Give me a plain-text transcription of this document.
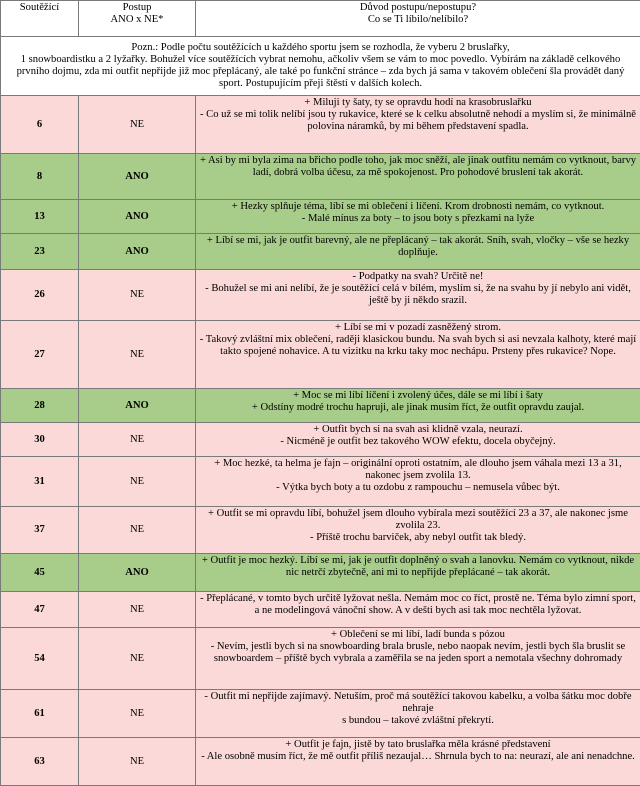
Soutěžící	Postup
ANO x NE*	Důvod postupu/nepostupu?
Co se Ti líbilo/nelíbilo?

Pozn.: Podle počtu soutěžících u každého sportu jsem se rozhodla, že vyberu 2 bruslařky,
1 snowboardistku a 2 lyžařky. Bohužel více soutěžících vybrat nemohu, ačkoliv všem se vám to moc povedlo. Vybírám na základě celkového prvního dojmu, zda mi outfit nepřijde již moc přeplácaný, ale také po funkční stránce – zda bych já sama v takovém oblečení šla provádět daný sport. Postupujícím přeji štěstí v dalších kolech.		

6	NE	+ Miluji ty šaty, ty se opravdu hodí na krasobruslařku
- Co už se mi tolik nelíbí jsou ty rukavice, které se k celku absolutně nehodí a myslím si, že minimálně polovina náramků, by mi během představení spadla.

8	ANO	+ Asi by mi byla zima na břicho podle toho, jak moc sněží, ale jinak outfitu nemám co vytknout, barvy ladí, dobrá volba účesu, za mě spokojenost. Pro pohodové bruslení tak akorát.

13	ANO	+ Hezky splňuje téma, líbí se mi oblečení i líčení. Krom drobnosti nemám, co vytknout.
- Malé mínus za boty – to jsou boty s přezkami na lyže

23	ANO	+ Líbí se mi, jak je outfit barevný, ale ne přeplácaný – tak akorát. Sníh, svah, vločky – vše se hezky doplňuje.

26	NE	- Podpatky na svah? Určitě ne!
- Bohužel se mi ani nelíbí, že je soutěžící celá v bílém, myslím si, že na svahu by jí nebylo ani vidět, ještě by ji někdo srazil.

27	NE	+ Líbí se mi v pozadí zasněžený strom.
- Takový zvláštní mix oblečení, raději klasickou bundu. Na svah bych si asi nevzala kalhoty, které mají takto spojené nohavice. A tu vizitku na krku taky moc nechápu. Prsteny přes rukavice? Nope.

28	ANO	+ Moc se mi líbí líčení i zvolený účes, dále se mi líbí i šaty
+ Odstíny modré trochu hapruji, ale jinak musím říct, že outfit opravdu zaujal.

30	NE	+ Outfit bych si na svah asi klidně vzala, neurazí.
- Nicméně je outfit bez takového WOW efektu, docela obyčejný.

31	NE	+ Moc hezké, ta helma je fajn – originální oproti ostatním, ale dlouho jsem váhala mezi 13 a 31, nakonec jsem zvolila 13.
- Výtka bych boty a tu ozdobu z rampouchu – nemusela vůbec být.

37	NE	+ Outfit se mi opravdu líbí, bohužel jsem dlouho vybírala mezi soutěžící 23 a 37, ale nakonec jsme zvolila 23.
- Příště trochu barviček, aby nebyl outfit tak bledý.

45	ANO	+ Outfit je moc hezký. Líbí se mi, jak je outfit doplněný o svah a lanovku. Nemám co vytknout, nikde nic netrčí zbytečně, ani mi to nepřijde přeplácané – tak akorát.

47	NE	- Přeplácané, v tomto bych určitě lyžovat nešla. Nemám moc co říct, prostě ne. Téma bylo zimní sport, a ne modelingová vánoční show. A v dešti bych asi tak moc nechtěla lyžovat.

54	NE	+ Oblečení se mi líbí, ladí bunda s pózou
- Nevím, jestli bych si na snowboarding brala brusle, nebo naopak nevím, jestli bych šla bruslit se snowboardem – příště bych vybrala a zaměřila se na jeden sport a nemotala všechny dohromady

61	NE	- Outfit mi nepřijde zajímavý. Netuším, proč má soutěžící takovou kabelku, a volba šátku moc dobře nehraje
s bundou – takové zvláštní překrytí.

63	NE	+ Outfit je fajn, jistě by tato bruslařka měla krásné představení
- Ale osobně musím říct, že mě outfit příliš nezaujal… Shrnula bych to na: neurazí, ale ani nenadchne.
